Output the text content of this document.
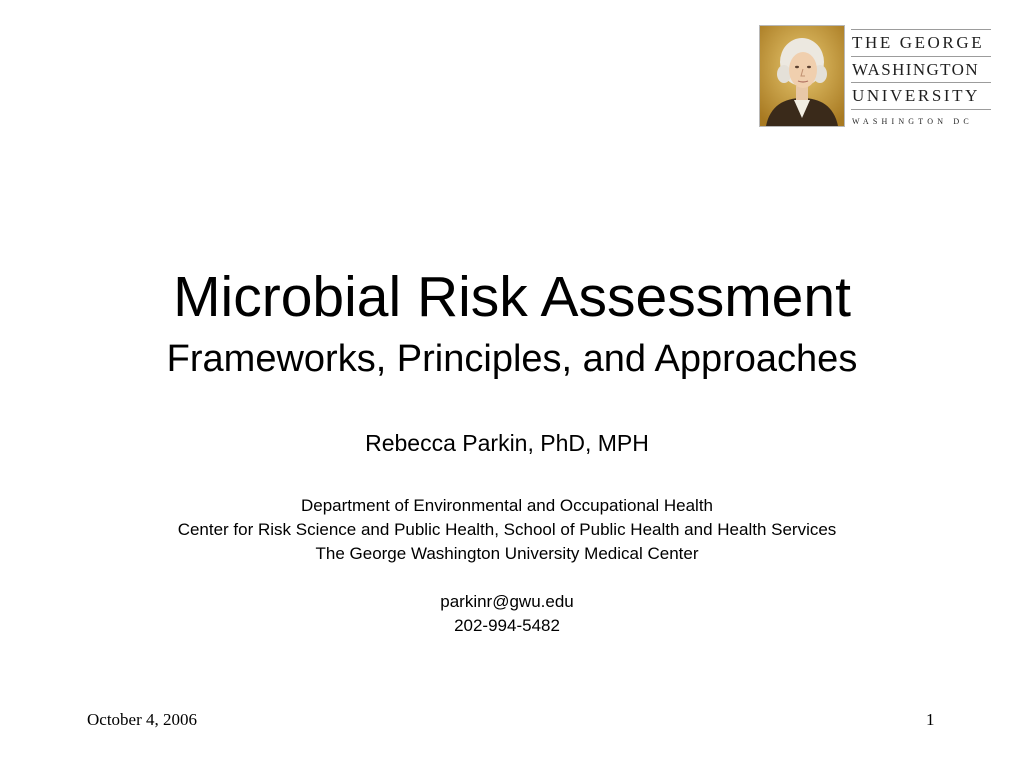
THE GEORGE
WASHINGTON
UNIVERSITY
WASHINGTON DC
Microbial Risk Assessment
Frameworks, Principles, and Approaches
Rebecca Parkin, PhD, MPH
Department of Environmental and Occupational Health
Center for Risk Science and Public Health, School of Public Health and Health Services
The George Washington University Medical Center
parkinr@gwu.edu
202-994-5482
October 4, 2006	1
